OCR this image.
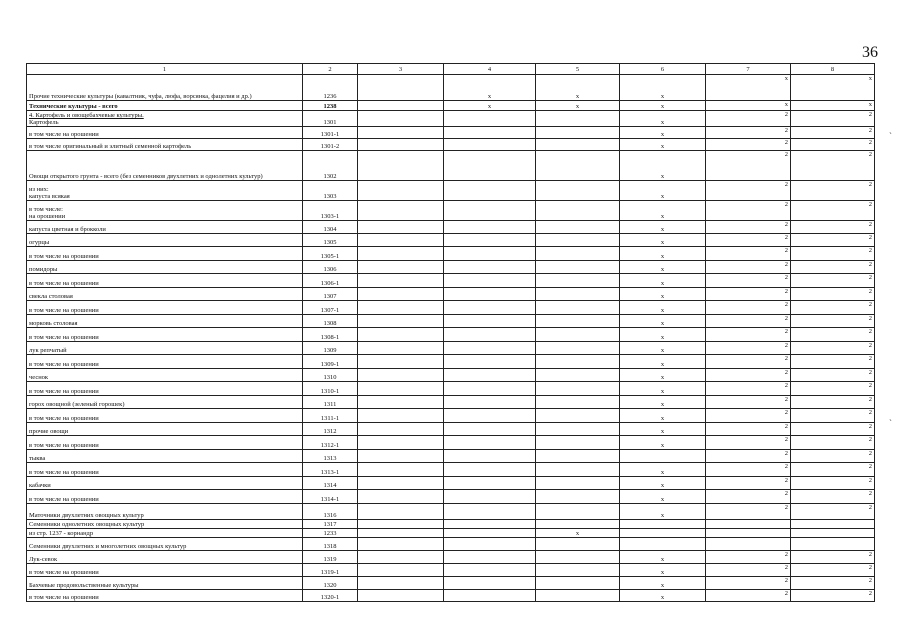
36
1	2	3	4	5	6	7	8
Прочие технические культуры (кавалтник, чуфа, люфа, ворсянка, фацелия и др.)	1236		x	x	x	x	x
Технические культуры - всего	1238		x	x	x	x	x
4. Картофель и овощебахчевые культуры.
Картофель	1301				x	2	2
в том числе на орошении	1301-1				x	2	2
в том числе оригинальный и элитный семенной картофель	1301-2				x	2	2
Овощи открытого грунта - всего (без семенников двухлетних и однолетних культур)	1302				x	2	2
из них:
капуста всякая	1303				x	2	2
в том числе:
на орошении	1303-1				x	2	2
капуста цветная и брокколи	1304				x	2	2
огурцы	1305				x	2	2
в том числе на орошении	1305-1				x	2	2
помидоры	1306				x	2	2
в том числе на орошении	1306-1				x	2	2
свекла столовая	1307				x	2	2
в том числе на орошении	1307-1				x	2	2
морковь столовая	1308				x	2	2
в том числе на орошении	1308-1				x	2	2
лук репчатый	1309				x	2	2
в том числе на орошении	1309-1				x	2	2
чеснок	1310				x	2	2
в том числе на орошении	1310-1				x	2	2
горох овощной (зеленый горошек)	1311				x	2	2
в том числе на орошении	1311-1				x	2	2
прочие овощи	1312				x	2	2
в том числе на орошении	1312-1				x	2	2
тыква	1313					2	2
в том числе на орошении	1313-1				x	2	2
кабачки	1314				x	2	2
в том числе на орошении	1314-1				x	2	2
Маточники двухлетних овощных культур	1316				x	2	2
Семенники однолетних овощных культур	1317						
из стр. 1237 - корнандр	1233			x			
Семенники двухлетних и многолетних овощных культур	1318						
Лук-севок	1319				x	2	2
в том числе на орошении	1319-1				x	2	2
Бахчевые продовольственные культуры	1320				x	2	2
в том числе на орошении	1320-1				x	2	2
`
`
